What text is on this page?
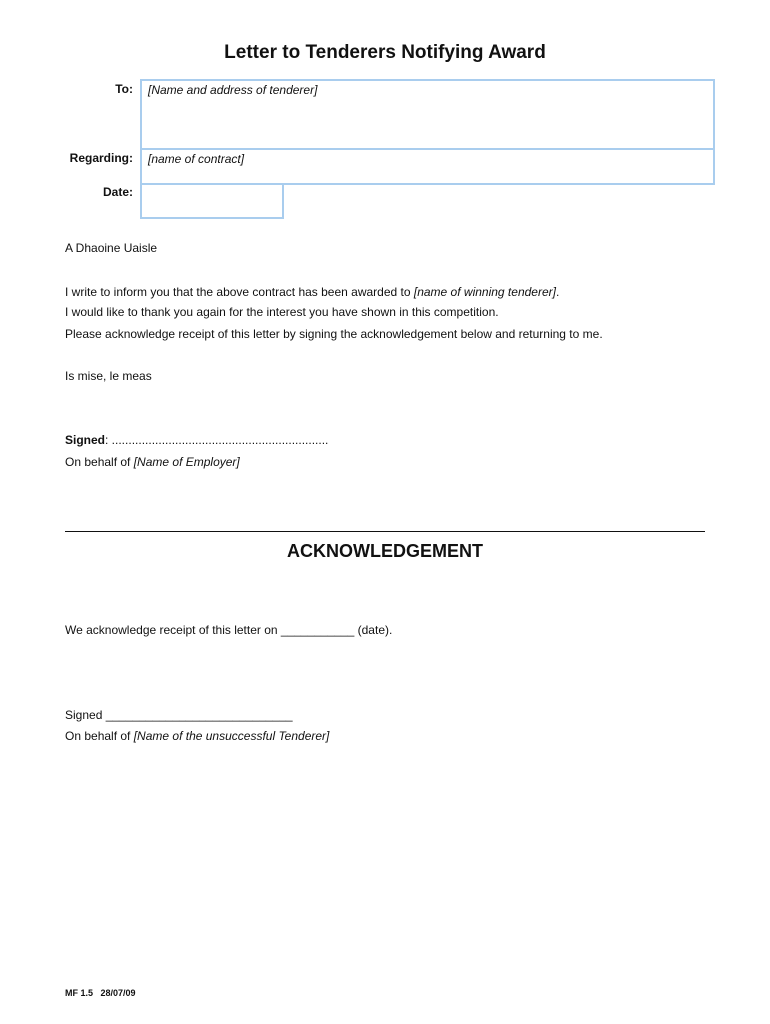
Letter to Tenderers Notifying Award
To:	[Name and address of tenderer]
Regarding:	[name of contract]
Date:
A Dhaoine Uaisle
I write to inform you that the above contract has been awarded to [name of winning tenderer].
I would like to thank you again for the interest you have shown in this competition.
Please acknowledge receipt of this letter by signing the acknowledgement below and returning to me.
Is mise, le meas
Signed: .................................................................
On behalf of [Name of Employer]
ACKNOWLEDGEMENT
We acknowledge receipt of this letter on ___________ (date).
Signed ____________________________
On behalf of [Name of the unsuccessful Tenderer]
MF 1.5   28/07/09
